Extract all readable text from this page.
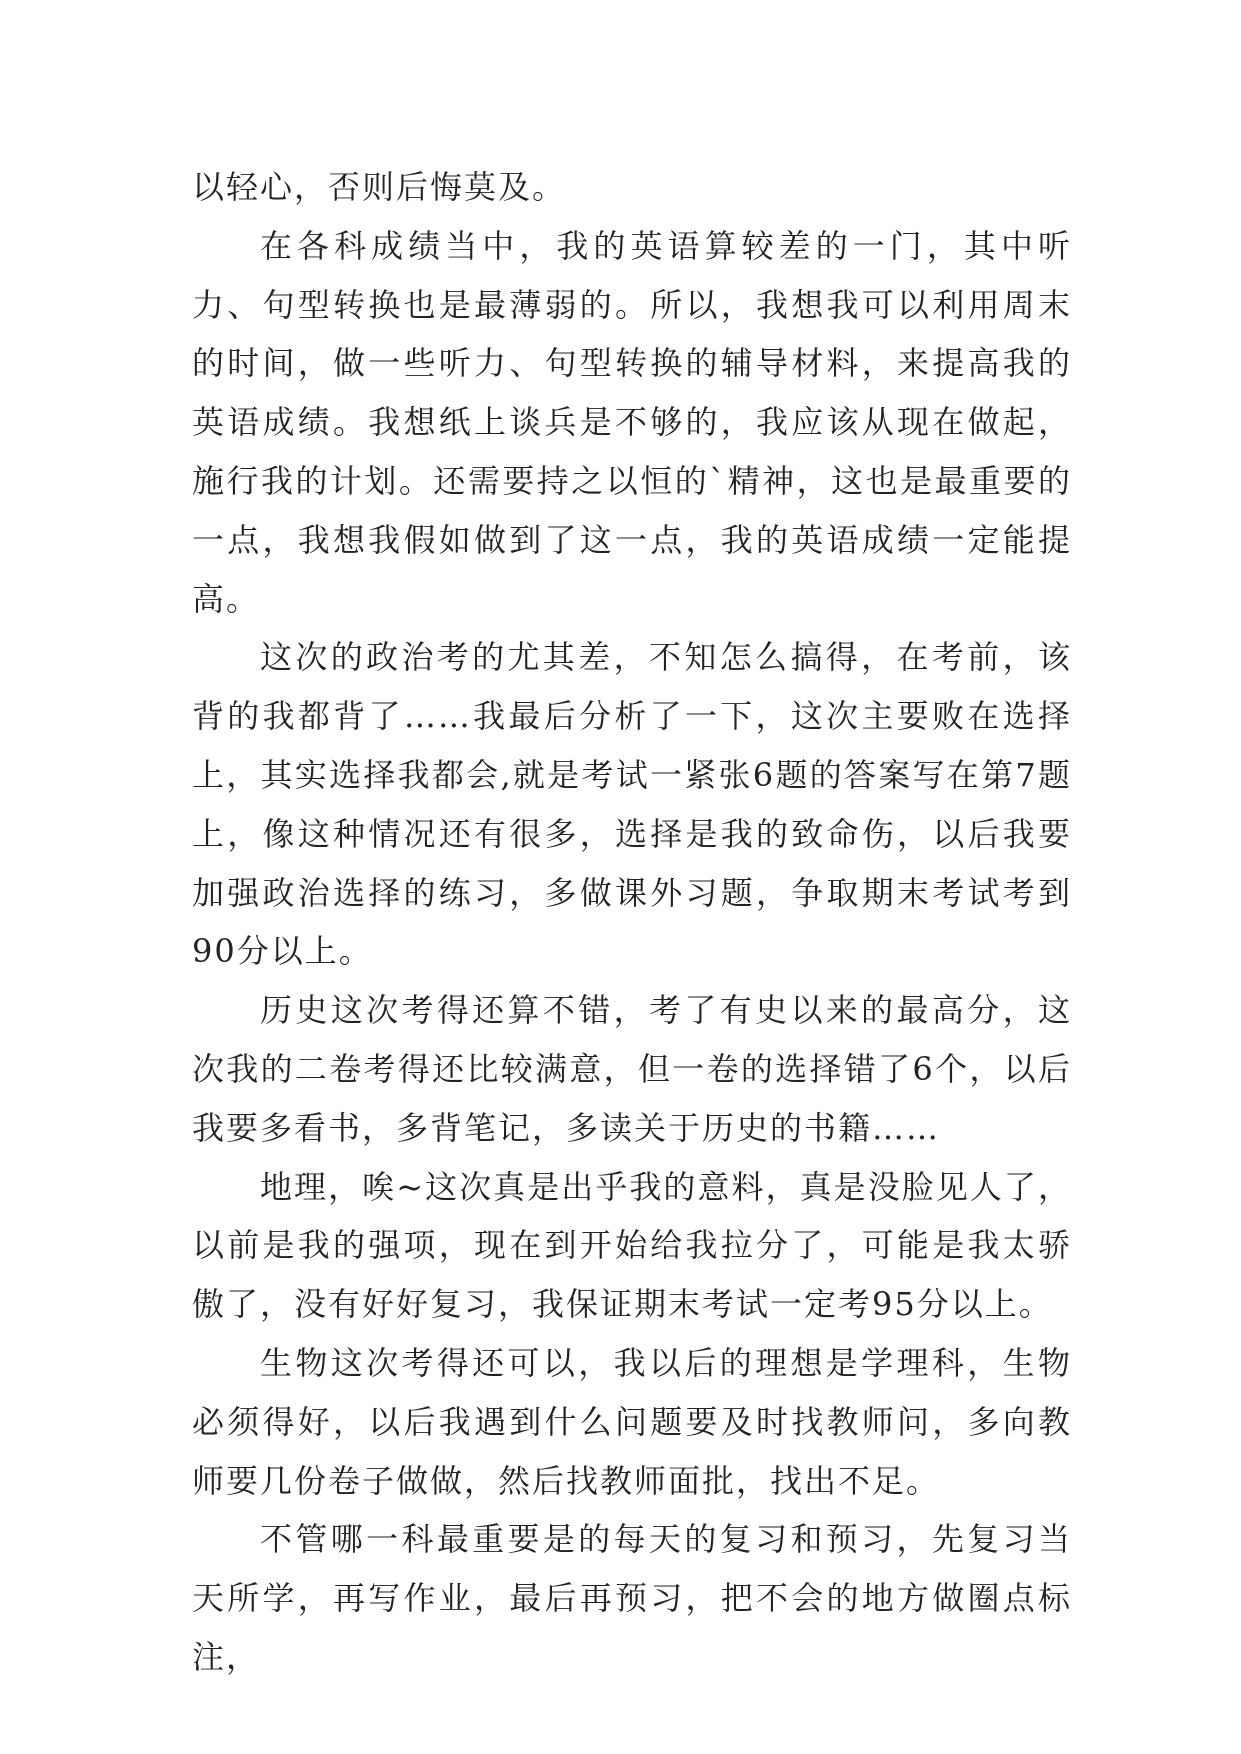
以轻心，否则后悔莫及。

在各科成绩当中，我的英语算较差的一门，其中听力、句型转换也是最薄弱的。所以，我想我可以利用周末的时间，做一些听力、句型转换的辅导材料，来提高我的英语成绩。我想纸上谈兵是不够的，我应该从现在做起，施行我的计划。还需要持之以恒的`精神，这也是最重要的一点，我想我假如做到了这一点，我的英语成绩一定能提高。

这次的政治考的尤其差，不知怎么搞得，在考前，该背的我都背了……我最后分析了一下，这次主要败在选择上，其实选择我都会,就是考试一紧张6题的答案写在第7题上，像这种情况还有很多，选择是我的致命伤，以后我要加强政治选择的练习，多做课外习题，争取期末考试考到90分以上。

历史这次考得还算不错，考了有史以来的最高分，这次我的二卷考得还比较满意，但一卷的选择错了6个，以后我要多看书，多背笔记，多读关于历史的书籍……

地理，唉~这次真是出乎我的意料，真是没脸见人了，以前是我的强项，现在到开始给我拉分了，可能是我太骄傲了，没有好好复习，我保证期末考试一定考95分以上。

生物这次考得还可以，我以后的理想是学理科，生物必须得好，以后我遇到什么问题要及时找教师问，多向教师要几份卷子做做，然后找教师面批，找出不足。

不管哪一科最重要是的每天的复习和预习，先复习当天所学，再写作业，最后再预习，把不会的地方做圈点标注，
